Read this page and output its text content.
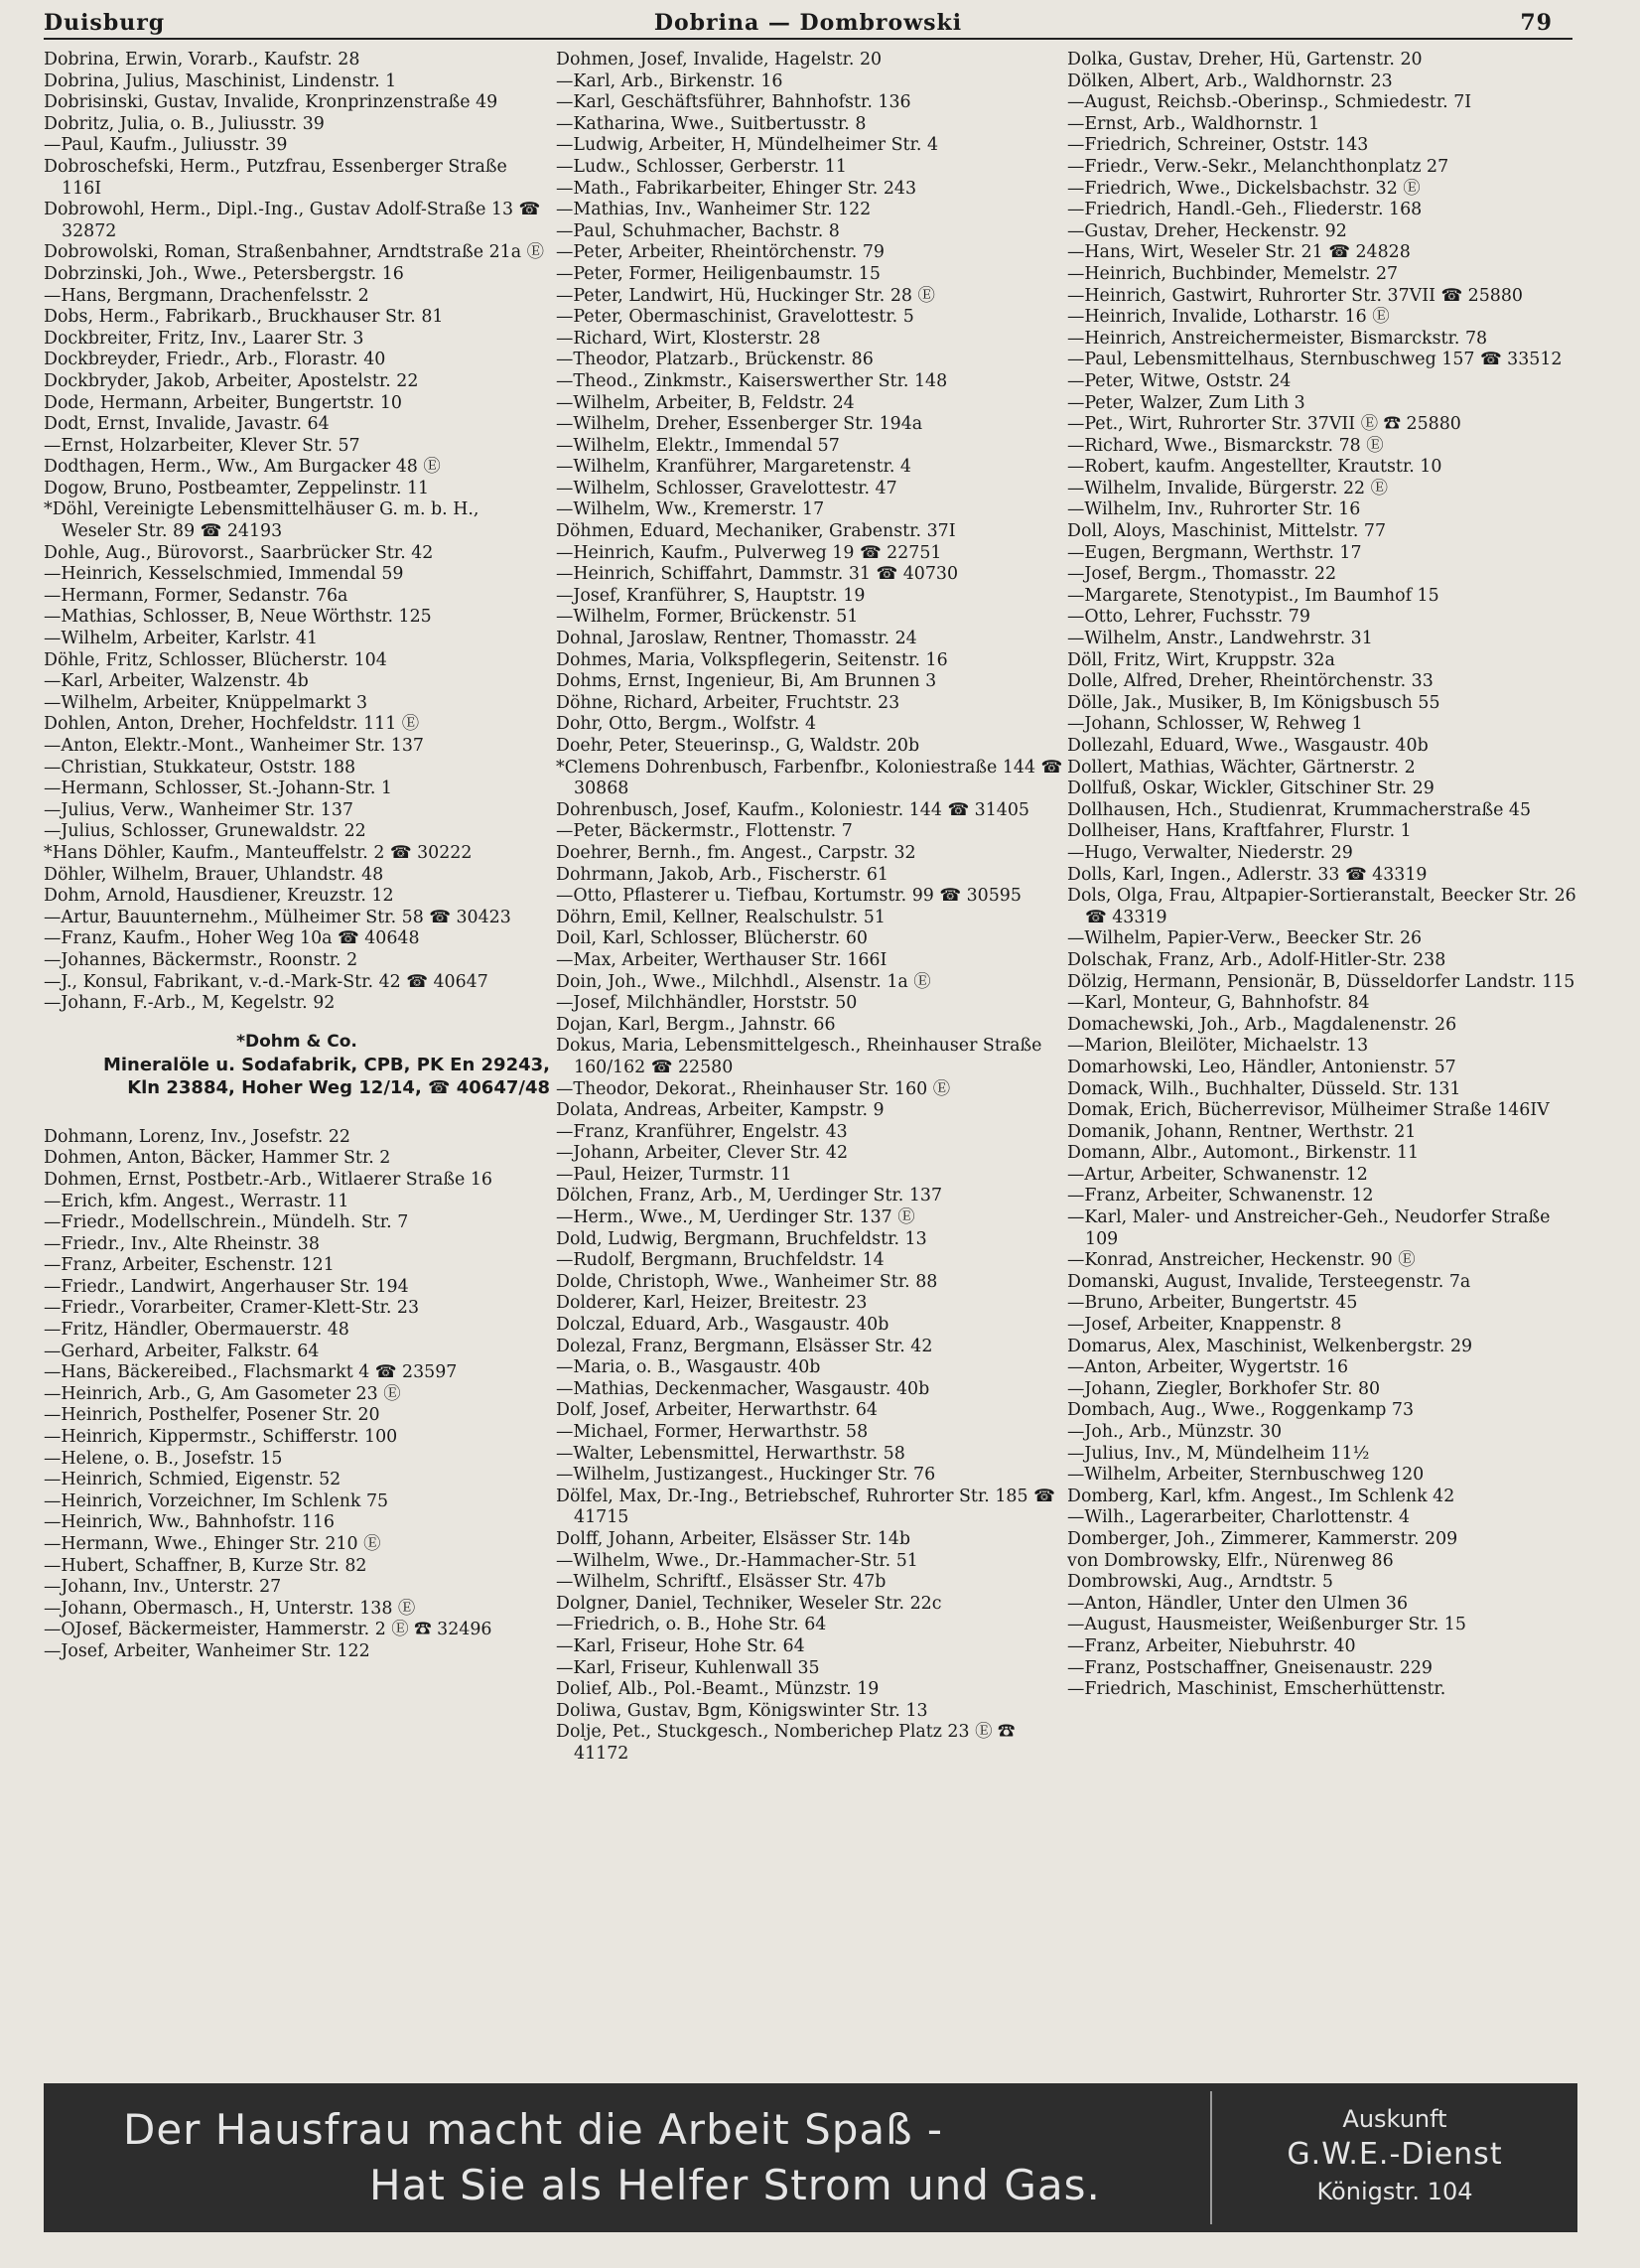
Duisburg	Dobrina — Dombrowski	79
Dobrina, Erwin, Vorarb., Kaufstr. 28
Dobrina, Julius, Maschinist, Lindenstr. 1
Dobrisinski, Gustav, Invalide, Kronprinzenstraße 49
Dobritz, Julia, o. B., Juliusstr. 39
—Paul, Kaufm., Juliusstr. 39
Dobroschefski, Herm., Putzfrau, Essenberger Straße 116I
Dobrowohl, Herm., Dipl.-Ing., Gustav Adolf-Straße 13 ☎ 32872
Dobrowolski, Roman, Straßenbahner, Arndtstraße 21a Ⓔ
Dobrzinski, Joh., Wwe., Petersbergstr. 16
—Hans, Bergmann, Drachenfelsstr. 2
Dobs, Herm., Fabrikarb., Bruckhauser Str. 81
Dockbreiter, Fritz, Inv., Laarer Str. 3
Dockbreyder, Friedr., Arb., Florastr. 40
Dockbryder, Jakob, Arbeiter, Apostelstr. 22
Dode, Hermann, Arbeiter, Bungertstr. 10
Dodt, Ernst, Invalide, Javastr. 64
—Ernst, Holzarbeiter, Klever Str. 57
Dodthagen, Herm., Ww., Am Burgacker 48 Ⓔ
Dogow, Bruno, Postbeamter, Zeppelinstr. 11
*Döhl, Vereinigte Lebensmittelhäuser G. m. b. H., Weseler Str. 89 ☎ 24193
Dohle, Aug., Bürovorst., Saarbrücker Str. 42
—Heinrich, Kesselschmied, Immendal 59
—Hermann, Former, Sedanstr. 76a
—Mathias, Schlosser, B, Neue Wörthstr. 125
—Wilhelm, Arbeiter, Karlstr. 41
Döhle, Fritz, Schlosser, Blücherstr. 104
—Karl, Arbeiter, Walzenstr. 4b
—Wilhelm, Arbeiter, Knüppelmarkt 3
Dohlen, Anton, Dreher, Hochfeldstr. 111 Ⓔ
—Anton, Elektr.-Mont., Wanheimer Str. 137
—Christian, Stukkateur, Oststr. 188
—Hermann, Schlosser, St.-Johann-Str. 1
—Julius, Verw., Wanheimer Str. 137
—Julius, Schlosser, Grunewaldstr. 22
*Hans Döhler, Kaufm., Manteuffelstr. 2 ☎ 30222
Döhler, Wilhelm, Brauer, Uhlandstr. 48
Dohm, Arnold, Hausdiener, Kreuzstr. 12
—Artur, Bauunternehm., Mülheimer Str. 58 ☎ 30423
—Franz, Kaufm., Hoher Weg 10a ☎ 40648
—Johannes, Bäckermstr., Roonstr. 2
—J., Konsul, Fabrikant, v.-d.-Mark-Str. 42 ☎ 40647
—Johann, F.-Arb., M, Kegelstr. 92
*Dohm & Co.
Mineralöle u. Sodafabrik, CPB, PK En 29243,
Kln 23884, Hoher Weg 12/14, ☎ 40647/48
Dohmann, Lorenz, Inv., Josefstr. 22
Dohmen, Anton, Bäcker, Hammer Str. 2
Dohmen, Ernst, Postbetr.-Arb., Witlaerer Straße 16
—Erich, kfm. Angest., Werrastr. 11
—Friedr., Modellschrein., Mündelh. Str. 7
—Friedr., Inv., Alte Rheinstr. 38
—Franz, Arbeiter, Eschenstr. 121
—Friedr., Landwirt, Angerhauser Str. 194
—Friedr., Vorarbeiter, Cramer-Klett-Str. 23
—Fritz, Händler, Obermauerstr. 48
—Gerhard, Arbeiter, Falkstr. 64
—Hans, Bäckereibed., Flachsmarkt 4 ☎ 23597
—Heinrich, Arb., G, Am Gasometer 23 Ⓔ
—Heinrich, Posthelfer, Posener Str. 20
—Heinrich, Kippermstr., Schifferstr. 100
—Helene, o. B., Josefstr. 15
—Heinrich, Schmied, Eigenstr. 52
—Heinrich, Vorzeichner, Im Schlenk 75
—Heinrich, Ww., Bahnhofstr. 116
—Hermann, Wwe., Ehinger Str. 210 Ⓔ
—Hubert, Schaffner, B, Kurze Str. 82
—Johann, Inv., Unterstr. 27
—Johann, Obermasch., H, Unterstr. 138 Ⓔ
—OJosef, Bäckermeister, Hammerstr. 2 Ⓔ ☎ 32496
—Josef, Arbeiter, Wanheimer Str. 122
Dohmen, Josef, Invalide, Hagelstr. 20
—Karl, Arb., Birkenstr. 16
—Karl, Geschäftsführer, Bahnhofstr. 136
—Katharina, Wwe., Suitbertusstr. 8
—Ludwig, Arbeiter, H, Mündelheimer Str. 4
—Ludw., Schlosser, Gerberstr. 11
—Math., Fabrikarbeiter, Ehinger Str. 243
—Mathias, Inv., Wanheimer Str. 122
—Paul, Schuhmacher, Bachstr. 8
—Peter, Arbeiter, Rheintörchenstr. 79
—Peter, Former, Heiligenbaumstr. 15
—Peter, Landwirt, Hü, Huckinger Str. 28 Ⓔ
—Peter, Obermaschinist, Gravelottestr. 5
—Richard, Wirt, Klosterstr. 28
—Theodor, Platzarb., Brückenstr. 86
—Theod., Zinkmstr., Kaiserswerther Str. 148
—Wilhelm, Arbeiter, B, Feldstr. 24
—Wilhelm, Dreher, Essenberger Str. 194a
—Wilhelm, Elektr., Immendal 57
—Wilhelm, Kranführer, Margaretenstr. 4
—Wilhelm, Schlosser, Gravelottestr. 47
—Wilhelm, Ww., Kremerstr. 17
Döhmen, Eduard, Mechaniker, Grabenstr. 37I
—Heinrich, Kaufm., Pulverweg 19 ☎ 22751
—Heinrich, Schiffahrt, Dammstr. 31 ☎ 40730
—Josef, Kranführer, S, Hauptstr. 19
—Wilhelm, Former, Brückenstr. 51
Dohnal, Jaroslaw, Rentner, Thomasstr. 24
Dohmes, Maria, Volkspflegerin, Seitenstr. 16
Dohms, Ernst, Ingenieur, Bi, Am Brunnen 3
Döhne, Richard, Arbeiter, Fruchtstr. 23
Dohr, Otto, Bergm., Wolfstr. 4
Doehr, Peter, Steuerinsp., G, Waldstr. 20b
*Clemens Dohrenbusch, Farbenfbr., Koloniestraße 144 ☎ 30868
Dohrenbusch, Josef, Kaufm., Koloniestr. 144 ☎ 31405
—Peter, Bäckermstr., Flottenstr. 7
Doehrer, Bernh., fm. Angest., Carpstr. 32
Dohrmann, Jakob, Arb., Fischerstr. 61
—Otto, Pflasterer u. Tiefbau, Kortumstr. 99 ☎ 30595
Döhrn, Emil, Kellner, Realschulstr. 51
Doil, Karl, Schlosser, Blücherstr. 60
—Max, Arbeiter, Werthauser Str. 166I
Doin, Joh., Wwe., Milchhdl., Alsenstr. 1a Ⓔ
—Josef, Milchhändler, Horststr. 50
Dojan, Karl, Bergm., Jahnstr. 66
Dokus, Maria, Lebensmittelgesch., Rheinhauser Straße 160/162 ☎ 22580
—Theodor, Dekorat., Rheinhauser Str. 160 Ⓔ
Dolata, Andreas, Arbeiter, Kampstr. 9
—Franz, Kranführer, Engelstr. 43
—Johann, Arbeiter, Clever Str. 42
—Paul, Heizer, Turmstr. 11
Dölchen, Franz, Arb., M, Uerdinger Str. 137
—Herm., Wwe., M, Uerdinger Str. 137 Ⓔ
Dold, Ludwig, Bergmann, Bruchfeldstr. 13
—Rudolf, Bergmann, Bruchfeldstr. 14
Dolde, Christoph, Wwe., Wanheimer Str. 88
Dolderer, Karl, Heizer, Breitestr. 23
Dolczal, Eduard, Arb., Wasgaustr. 40b
Dolezal, Franz, Bergmann, Elsässer Str. 42
—Maria, o. B., Wasgaustr. 40b
—Mathias, Deckenmacher, Wasgaustr. 40b
Dolf, Josef, Arbeiter, Herwarthstr. 64
—Michael, Former, Herwarthstr. 58
—Walter, Lebensmittel, Herwarthstr. 58
—Wilhelm, Justizangest., Huckinger Str. 76
Dölfel, Max, Dr.-Ing., Betriebschef, Ruhrorter Str. 185 ☎ 41715
Dolff, Johann, Arbeiter, Elsässer Str. 14b
—Wilhelm, Wwe., Dr.-Hammacher-Str. 51
—Wilhelm, Schriftf., Elsässer Str. 47b
Dolgner, Daniel, Techniker, Weseler Str. 22c
—Friedrich, o. B., Hohe Str. 64
—Karl, Friseur, Hohe Str. 64
—Karl, Friseur, Kuhlenwall 35
Dolief, Alb., Pol.-Beamt., Münzstr. 19
Doliwa, Gustav, Bgm, Königswinter Str. 13
Dolje, Pet., Stuckgesch., Nomberichер Platz 23 Ⓔ ☎ 41172
Dolka, Gustav, Dreher, Hü, Gartenstr. 20
Dölken, Albert, Arb., Waldhornstr. 23
—August, Reichsb.-Oberinsp., Schmiedestr. 7I
—Ernst, Arb., Waldhornstr. 1
—Friedrich, Schreiner, Oststr. 143
—Friedr., Verw.-Sekr., Melanchthonplatz 27
—Friedrich, Wwe., Dickelsbachstr. 32 Ⓔ
—Friedrich, Handl.-Geh., Fliederstr. 168
—Gustav, Dreher, Heckenstr. 92
—Hans, Wirt, Weseler Str. 21 ☎ 24828
—Heinrich, Buchbinder, Memelstr. 27
—Heinrich, Gastwirt, Ruhrorter Str. 37VII ☎ 25880
—Heinrich, Invalide, Lotharstr. 16 Ⓔ
—Heinrich, Anstreichermeister, Bismarckstr. 78
—Paul, Lebensmittelhaus, Sternbuschweg 157 ☎ 33512
—Peter, Witwe, Oststr. 24
—Peter, Walzer, Zum Lith 3
—Pet., Wirt, Ruhrorter Str. 37VII Ⓔ ☎ 25880
—Richard, Wwe., Bismarckstr. 78 Ⓔ
—Robert, kaufm. Angestellter, Krautstr. 10
—Wilhelm, Invalide, Bürgerstr. 22 Ⓔ
—Wilhelm, Inv., Ruhrorter Str. 16
Doll, Aloys, Maschinist, Mittelstr. 77
—Eugen, Bergmann, Werthstr. 17
—Josef, Bergm., Thomasstr. 22
—Margarete, Stenotypist., Im Baumhof 15
—Otto, Lehrer, Fuchsstr. 79
—Wilhelm, Anstr., Landwehrstr. 31
Döll, Fritz, Wirt, Kruppstr. 32a
Dolle, Alfred, Dreher, Rheintörchenstr. 33
Dölle, Jak., Musiker, B, Im Königsbusch 55
—Johann, Schlosser, W, Rehweg 1
Dollezahl, Eduard, Wwe., Wasgaustr. 40b
Dollert, Mathias, Wächter, Gärtnerstr. 2
Dollfuß, Oskar, Wickler, Gitschiner Str. 29
Dollhausen, Hch., Studienrat, Krummacherstraße 45
Dollheiser, Hans, Kraftfahrer, Flurstr. 1
—Hugo, Verwalter, Niederstr. 29
Dolls, Karl, Ingen., Adlerstr. 33 ☎ 43319
Dols, Olga, Frau, Altpapier-Sortieranstalt, Beecker Str. 26 ☎ 43319
—Wilhelm, Papier-Verw., Beecker Str. 26
Dolschak, Franz, Arb., Adolf-Hitler-Str. 238
Dölzig, Hermann, Pensionär, B, Düsseldorfer Landstr. 115
—Karl, Monteur, G, Bahnhofstr. 84
Domachewski, Joh., Arb., Magdalenenstr. 26
—Marion, Bleilöter, Michaelstr. 13
Domarhowski, Leo, Händler, Antonienstr. 57
Domack, Wilh., Buchhalter, Düsseld. Str. 131
Domak, Erich, Bücherrevisor, Mülheimer Straße 146IV
Domanik, Johann, Rentner, Werthstr. 21
Domann, Albr., Automont., Birkenstr. 11
—Artur, Arbeiter, Schwanenstr. 12
—Franz, Arbeiter, Schwanenstr. 12
—Karl, Maler- und Anstreicher-Geh., Neudorfer Straße 109
—Konrad, Anstreicher, Heckenstr. 90 Ⓔ
Domanski, August, Invalide, Tersteegenstr. 7a
—Bruno, Arbeiter, Bungertstr. 45
—Josef, Arbeiter, Knappenstr. 8
Domarus, Alex, Maschinist, Welkenbergstr. 29
—Anton, Arbeiter, Wygertstr. 16
—Johann, Ziegler, Borkhofer Str. 80
Dombach, Aug., Wwe., Roggenkamp 73
—Joh., Arb., Münzstr. 30
—Julius, Inv., M, Mündelheim 11½
—Wilhelm, Arbeiter, Sternbuschweg 120
Domberg, Karl, kfm. Angest., Im Schlenk 42
—Wilh., Lagerarbeiter, Charlottenstr. 4
Domberger, Joh., Zimmerer, Kammerstr. 209
von Dombrowsky, Elfr., Nürenweg 86
Dombrowski, Aug., Arndtstr. 5
—Anton, Händler, Unter den Ulmen 36
—August, Hausmeister, Weißenburger Str. 15
—Franz, Arbeiter, Niebuhrstr. 40
—Franz, Postschaffner, Gneisenaustr. 229
—Friedrich, Maschinist, Emscherhüttenstr.
Der Hausfrau macht die Arbeit Spaß -
Hat Sie als Helfer Strom und Gas.
Auskunft
G.W.E.-Dienst
Königstr. 104
